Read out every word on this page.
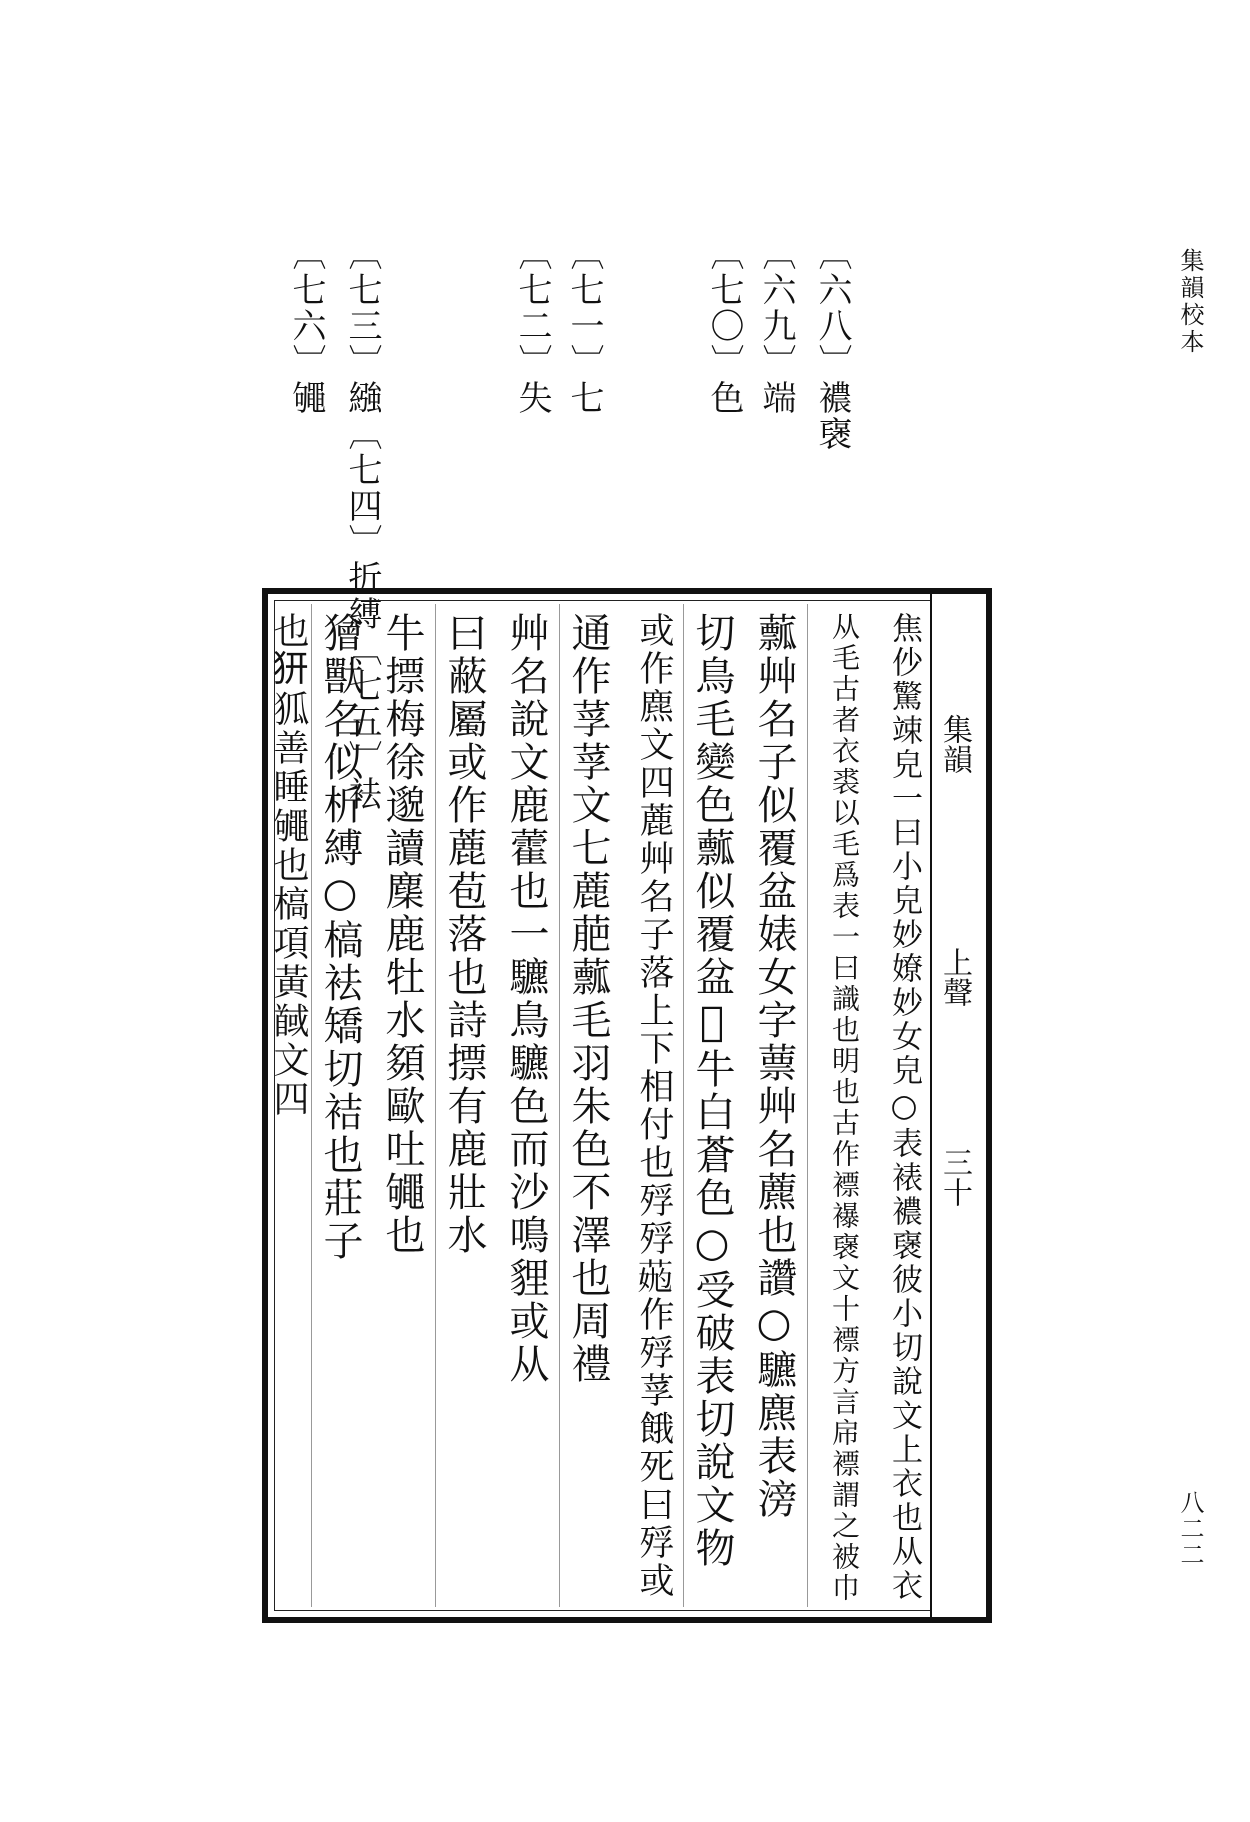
集韻校本
八二二
〔六八〕襛襃
〔六九〕端
〔七〇〕色
〔七一〕七
〔七二〕失
〔七三〕繈〔七四〕折縛〔七五〕袪
〔七六〕䵶
集韻
上聲
三十
焦仯驚竦皃一曰小皃妙嫽妙女皃○表裱襛襃彼小切說文上衣也从衣
从毛古者衣裘以毛爲表一曰識也明也古作褾襮襃文十褾方言帍褾謂之被巾
䕯艸名子似覆盆婊女字蔈艸名藨也讚○䮽麃表滂
切鳥毛變色䕯似覆盆𦫵牛白蒼色○受破表切說文物
或作麃文四蔍艸名子落上下相付也殍殍𦳹作殍莩餓死曰殍或
通作莩莩文七蔍萉䕯毛羽朱色不澤也周禮
艸名說文鹿藿也一䮽鳥䮽色而沙鳴貍或从
曰蔽屬或作蔍苞落也詩摽有鹿壯水
牛摽梅徐邈讀䴢鹿牡水䫂歐吐䵶也
獪獸名似析縛○槁袪矯切袺也莊子
也𤜵狐善睡䵶也槁項黃馘文四
